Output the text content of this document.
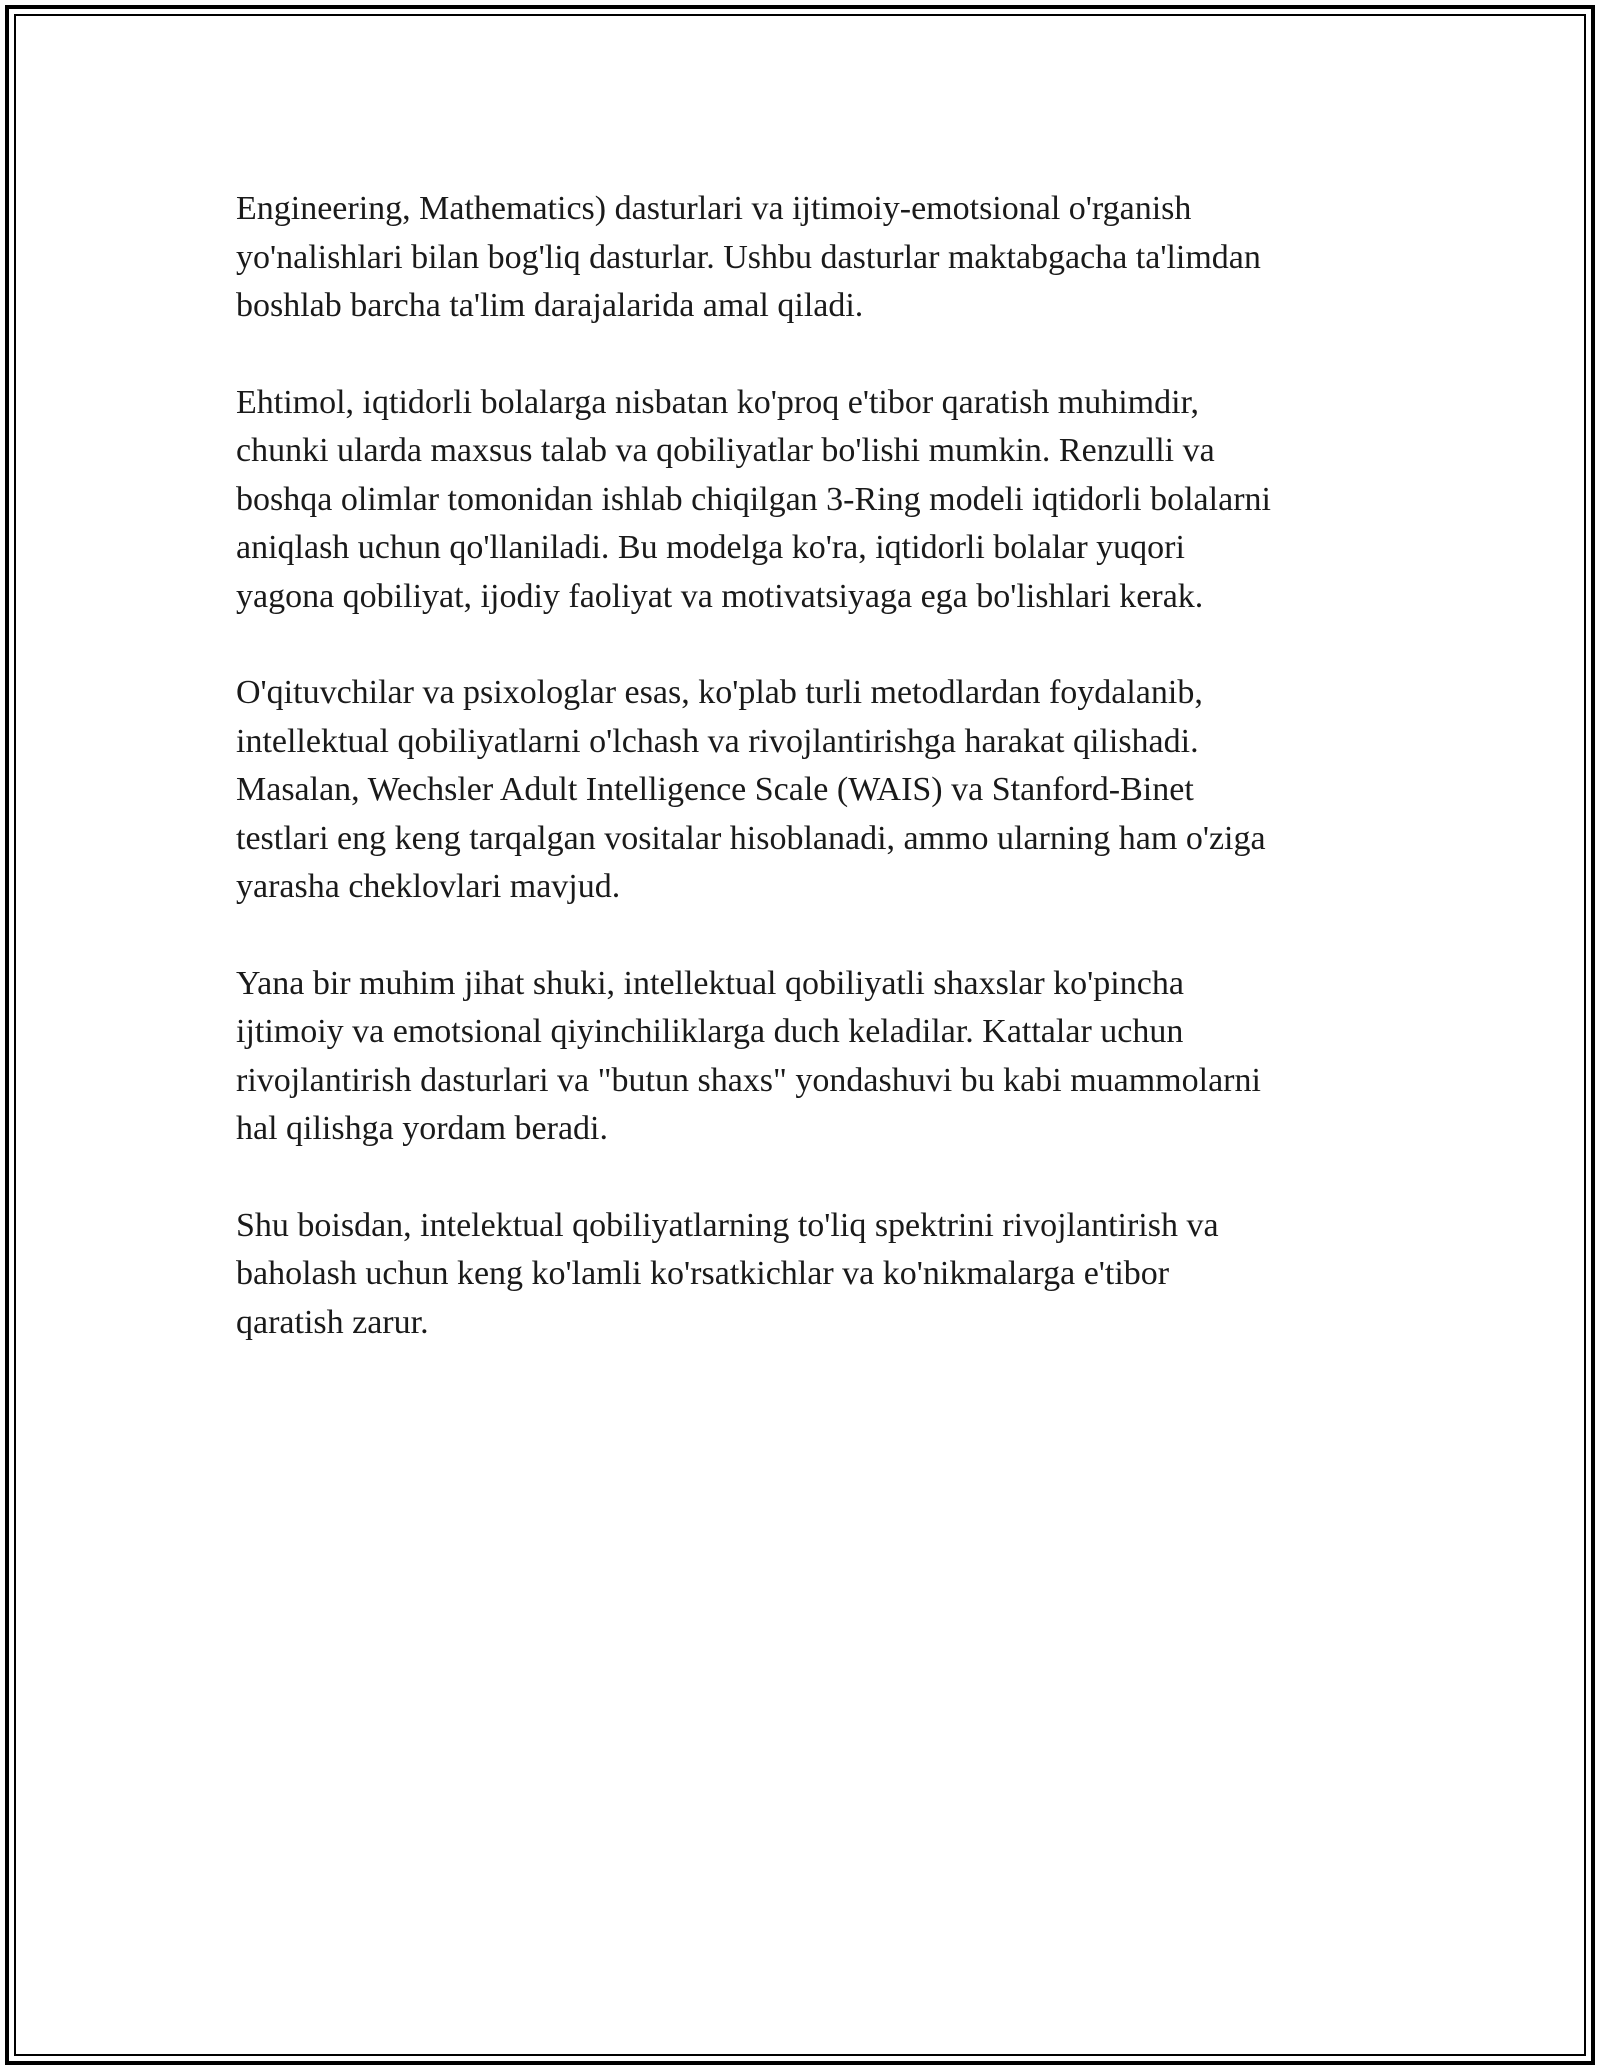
Engineering, Mathematics) dasturlari va ijtimoiy-emotsional o'rganish
yo'nalishlari bilan bog'liq dasturlar. Ushbu dasturlar maktabgacha ta'limdan
boshlab barcha ta'lim darajalarida amal qiladi.

Ehtimol, iqtidorli bolalarga nisbatan ko'proq e'tibor qaratish muhimdir,
chunki ularda maxsus talab va qobiliyatlar bo'lishi mumkin. Renzulli va
boshqa olimlar tomonidan ishlab chiqilgan 3-Ring modeli iqtidorli bolalarni
aniqlash uchun qo'llaniladi. Bu modelga ko'ra, iqtidorli bolalar yuqori
yagona qobiliyat, ijodiy faoliyat va motivatsiyaga ega bo'lishlari kerak.

O'qituvchilar va psixologlar esas, ko'plab turli metodlardan foydalanib,
intellektual qobiliyatlarni o'lchash va rivojlantirishga harakat qilishadi.
Masalan, Wechsler Adult Intelligence Scale (WAIS) va Stanford-Binet
testlari eng keng tarqalgan vositalar hisoblanadi, ammo ularning ham o'ziga
yarasha cheklovlari mavjud.

Yana bir muhim jihat shuki, intellektual qobiliyatli shaxslar ko'pincha
ijtimoiy va emotsional qiyinchiliklarga duch keladilar. Kattalar uchun
rivojlantirish dasturlari va "butun shaxs" yondashuvi bu kabi muammolarni
hal qilishga yordam beradi.

Shu boisdan, intelektual qobiliyatlarning to'liq spektrini rivojlantirish va
baholash uchun keng ko'lamli ko'rsatkichlar va ko'nikmalarga e'tibor
qaratish zarur.
